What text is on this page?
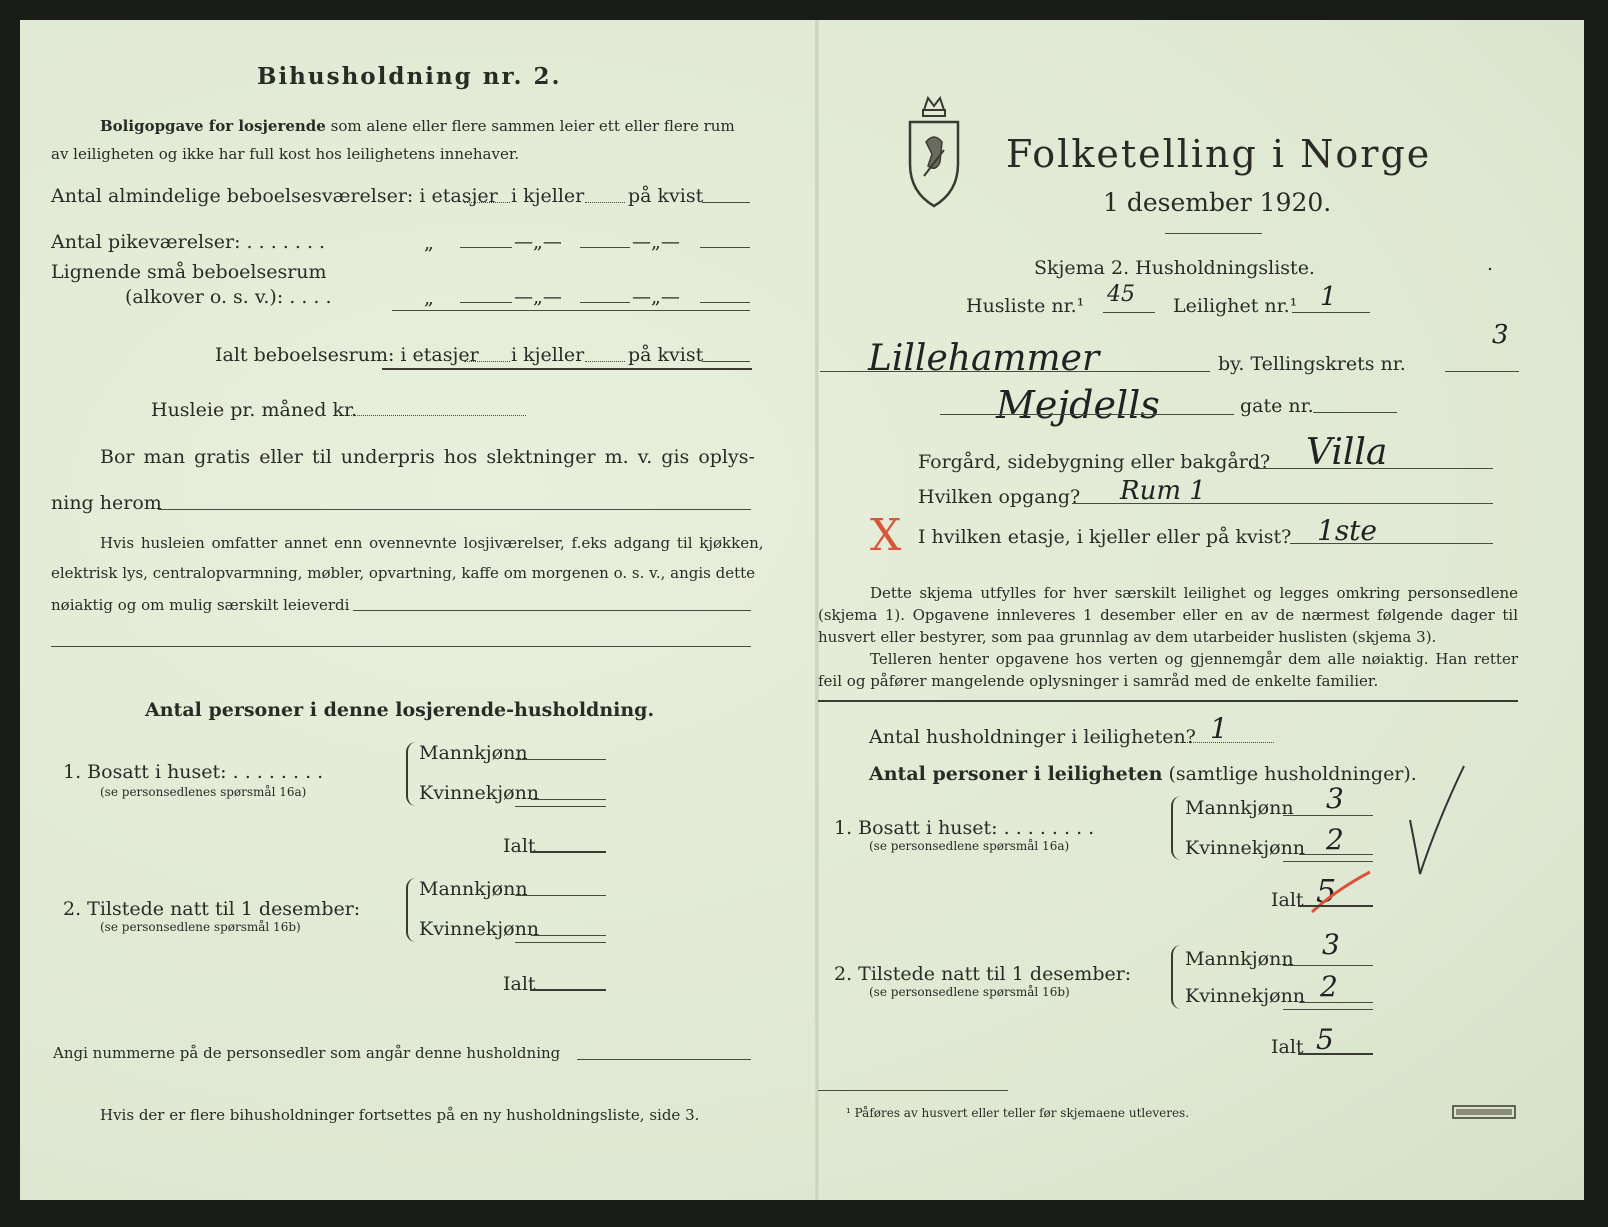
Bihusholdning nr. 2.
Boligopgave for losjerende som alene eller flere sammen leier ett eller flere rum
av leiligheten og ikke har full kost hos leilighetens innehaver.
Antal almindelige beboelsesværelser: i etasjer i kjeller på kvist
Antal pikeværelser: . . . . . . .	„	—„—	—„—
Lignende små beboelsesrum
(alkover o. s. v.): . . . .	„	—„—	—„—
Ialt beboelsesrum: i etasjer i kjeller på kvist
Husleie pr. måned kr.
Bor man gratis eller til underpris hos slektninger m. v. gis oplys-
ning herom
Hvis husleien omfatter annet enn ovennevnte losjiværelser, f.eks adgang til kjøkken,
elektrisk lys, centralopvarmning, møbler, opvartning, kaffe om morgenen o. s. v., angis dette
nøiaktig og om mulig særskilt leieverdi
Antal personer i denne losjerende-husholdning.
1. Bosatt i huset: . . . . . . . .
(se personsedlenes spørsmål 16a)
Mannkjønn
Kvinnekjønn
Ialt
2. Tilstede natt til 1 desember:
(se personsedlene spørsmål 16b)
Mannkjønn
Kvinnekjønn
Ialt
Angi nummerne på de personsedler som angår denne husholdning
Hvis der er flere bihusholdninger fortsettes på en ny husholdningsliste, side 3.
Folketelling i Norge
1 desember 1920.
Skjema 2. Husholdningsliste.	.
Husliste nr.¹ 45 Leilighet nr.¹ 1
Lillehammer	by. Tellingskrets nr.
3
Mejdells	gate nr.
Forgård, sidebygning eller bakgård? Villa
Hvilken opgang? Rum 1
X I hvilken etasje, i kjeller eller på kvist? 1ste
Dette skjema utfylles for hver særskilt leilighet og legges omkring personsedlene (skjema 1). Opgavene innleveres 1 desember eller en av de nærmest følgende dager til husvert eller bestyrer, som paa grunnlag av dem utarbeider huslisten (skjema 3).
Telleren henter opgavene hos verten og gjennemgår dem alle nøiaktig. Han retter feil og påfører mangelende oplysninger i samråd med de enkelte familier.
Antal husholdninger i leiligheten? 1
Antal personer i leiligheten (samtlige husholdninger).
1. Bosatt i huset: . . . . . . . .
(se personsedlene spørsmål 16a)
Mannkjønn 3
Kvinnekjønn 2
Ialt 5
2. Tilstede natt til 1 desember:
(se personsedlene spørsmål 16b)
Mannkjønn 3
Kvinnekjønn 2
Ialt 5
¹ Påføres av husvert eller teller før skjemaene utleveres.
